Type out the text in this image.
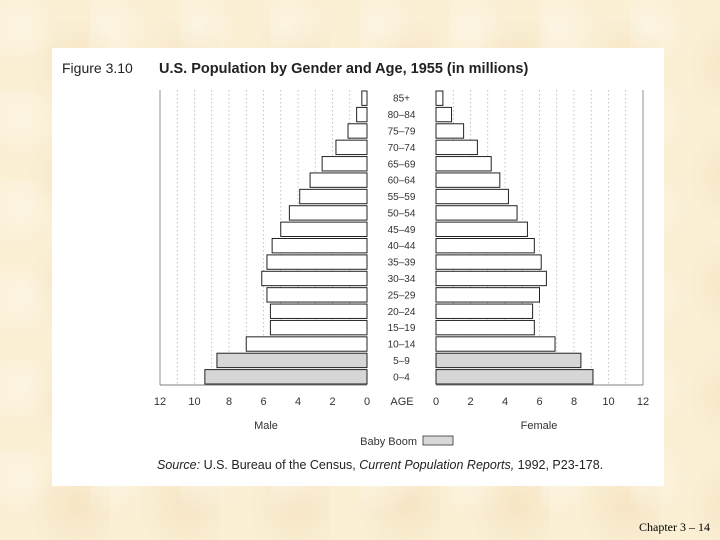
Figure 3.10 U.S. Population by Gender and Age, 1955 (in millions)
85+
80–84
75–79
70–74
65–69
60–64
55–59
50–54
45–49
40–44
35–39
30–34
25–29
20–24
15–19
10–14
5–9
0–4
12 10 8	6	4	2	0	0	2	4	6	8 10 12
AGE
Male	Female
Baby Boom
Source: U.S. Bureau of the Census, Current Population Reports, 1992, P23-178.
Chapter 3 – 14
